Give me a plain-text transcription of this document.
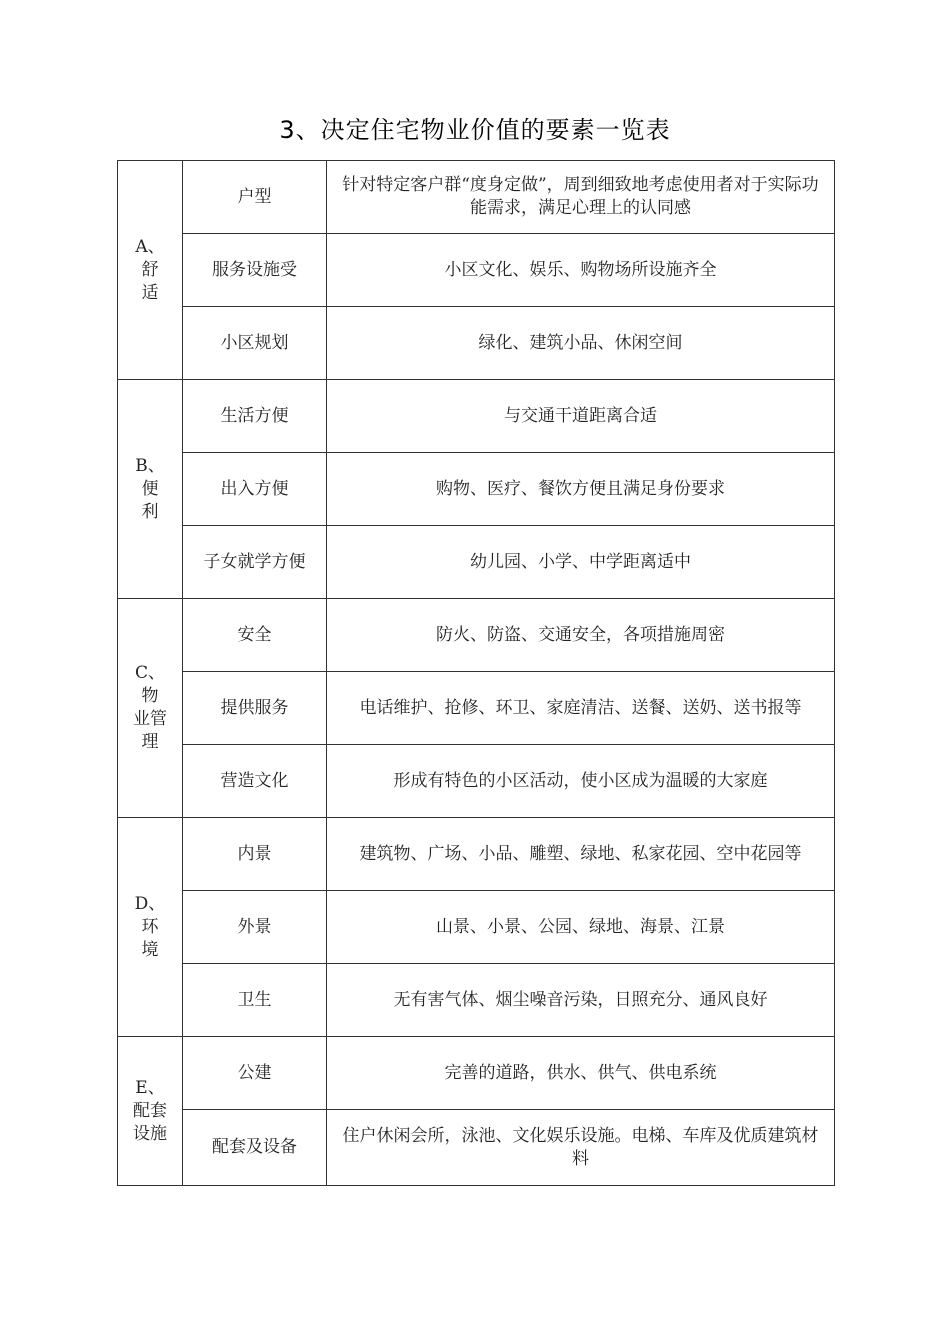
3、决定住宅物业价值的要素一览表
A、
舒
适	户型	针对特定客户群“度身定做”，周到细致地考虑使用者对于实际功能需求，满足心理上的认同感
	服务设施受	小区文化、娱乐、购物场所设施齐全
	小区规划	绿化、建筑小品、休闲空间

B、
便
利	生活方便	与交通干道距离合适
	出入方便	购物、医疗、餐饮方便且满足身份要求
	子女就学方便	幼儿园、小学、中学距离适中

C、物
业管
理	安全	防火、防盗、交通安全，各项措施周密
	提供服务	电话维护、抢修、环卫、家庭清洁、送餐、送奶、送书报等
	营造文化	形成有特色的小区活动，使小区成为温暖的大家庭

D、环
境	内景	建筑物、广场、小品、雕塑、绿地、私家花园、空中花园等
	外景	山景、小景、公园、绿地、海景、江景
	卫生	无有害气体、烟尘噪音污染，日照充分、通风良好

E、
配套
设施	公建	完善的道路，供水、供气、供电系统
	配套及设备	住户休闲会所，泳池、文化娱乐设施。电梯、车库及优质建筑材料
